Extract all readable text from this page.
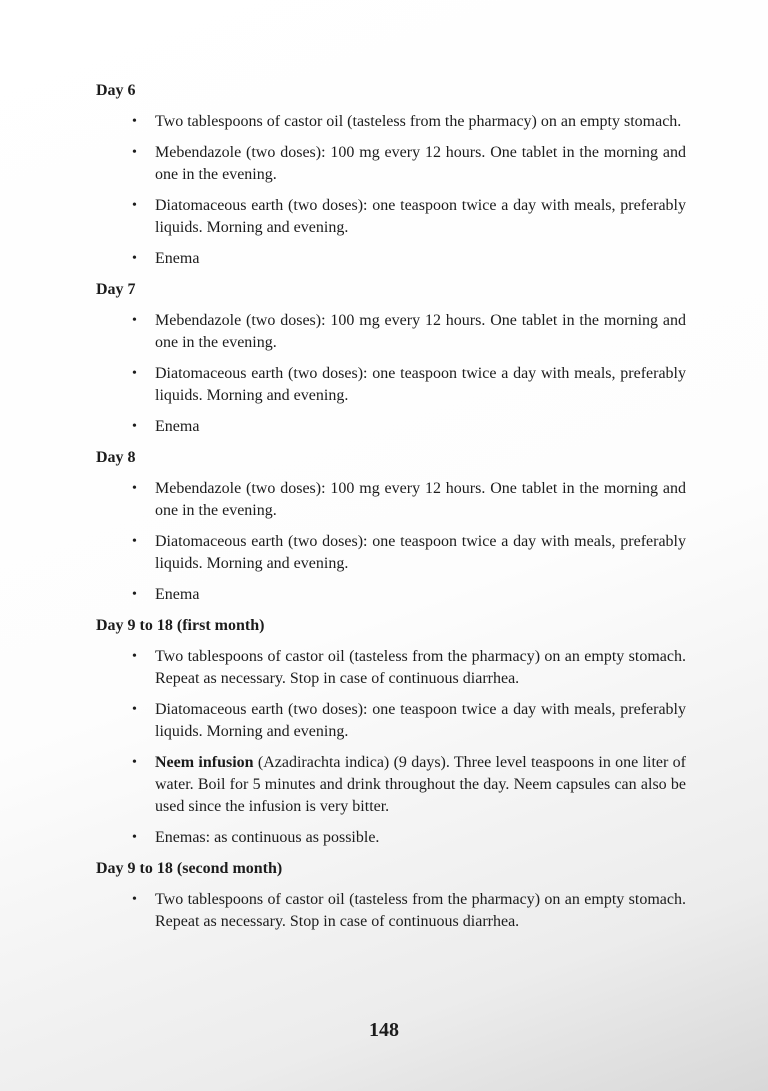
Day 6
• Two tablespoons of castor oil (tasteless from the pharmacy) on an empty stomach.
• Mebendazole (two doses): 100 mg every 12 hours. One tablet in the morning and one in the evening.
• Diatomaceous earth (two doses): one teaspoon twice a day with meals, preferably liquids. Morning and evening.
• Enema
Day 7
• Mebendazole (two doses): 100 mg every 12 hours. One tablet in the morning and one in the evening.
• Diatomaceous earth (two doses): one teaspoon twice a day with meals, preferably liquids. Morning and evening.
• Enema
Day 8
• Mebendazole (two doses): 100 mg every 12 hours. One tablet in the morning and one in the evening.
• Diatomaceous earth (two doses): one teaspoon twice a day with meals, preferably liquids. Morning and evening.
• Enema
Day 9 to 18 (first month)
• Two tablespoons of castor oil (tasteless from the pharmacy) on an empty stomach. Repeat as necessary. Stop in case of continuous diarrhea.
• Diatomaceous earth (two doses): one teaspoon twice a day with meals, preferably liquids. Morning and evening.
• Neem infusion (Azadirachta indica) (9 days). Three level teaspoons in one liter of water. Boil for 5 minutes and drink throughout the day. Neem capsules can also be used since the infusion is very bitter.
• Enemas: as continuous as possible.
Day 9 to 18 (second month)
• Two tablespoons of castor oil (tasteless from the pharmacy) on an empty stomach. Repeat as necessary. Stop in case of continuous diarrhea.
148
